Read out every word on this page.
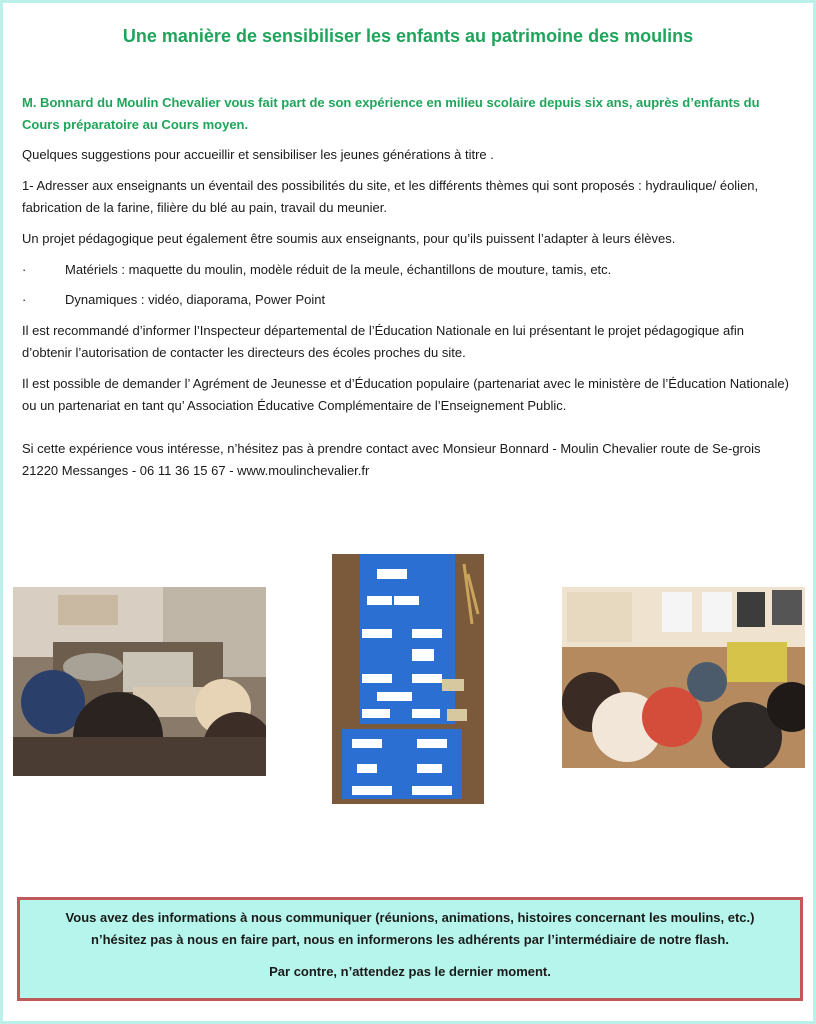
Une manière de sensibiliser les enfants au patrimoine des moulins

M. Bonnard du Moulin Chevalier vous fait part de son expérience en milieu scolaire depuis six ans, auprès d’enfants du Cours préparatoire au Cours moyen.

Quelques suggestions pour accueillir et sensibiliser les jeunes générations à titre .

1- Adresser aux enseignants un éventail des possibilités du site, et les différents thèmes qui sont proposés : hydraulique/ éolien, fabrication de la farine, filière du blé au pain, travail du meunier.

Un projet pédagogique peut également être soumis aux enseignants, pour qu’ils puissent l’adapter à leurs élèves.

·	Matériels : maquette du moulin, modèle réduit de la meule, échantillons de mouture, tamis, etc.

·	Dynamiques : vidéo, diaporama, Power Point

Il est recommandé d’informer l’Inspecteur départemental de l’Éducation Nationale en lui présentant le projet pédagogique afin d’obtenir l’autorisation de contacter les directeurs des écoles proches du site.

Il est possible de demander l’ Agrément de Jeunesse et d’Éducation populaire (partenariat avec le ministère de l’Éducation Nationale) ou un partenariat en tant qu’ Association Éducative Complémentaire de l’Enseignement Public.

Si cette expérience vous intéresse, n’hésitez pas à prendre contact avec Monsieur Bonnard - Moulin Chevalier route de Se-grois 21220 Messanges - 06 11 36 15 67 - www.moulinchevalier.fr

Vous avez des informations à nous communiquer (réunions, animations, histoires concernant les moulins, etc.)

n’hésitez pas à nous en faire part, nous en informerons les adhérents par l’intermédiaire de notre flash.

Par contre, n’attendez pas le dernier moment.
